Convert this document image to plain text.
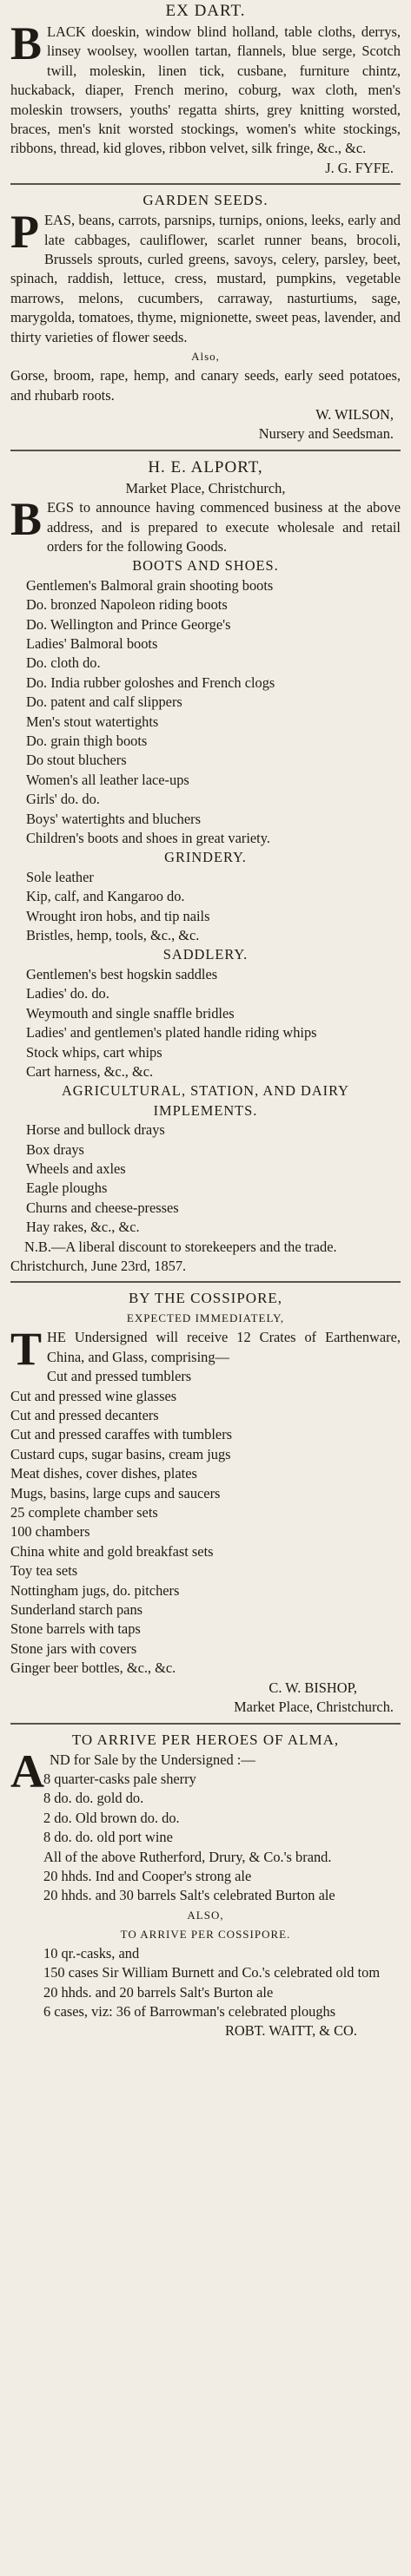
EX DART.

BLACK doeskin, window blind holland, table cloths, derrys, linsey woolsey, woollen tartan, flannels, blue serge, Scotch twill, moleskin, linen tick, cusbane, furniture chintz, huckaback, diaper, French merino, coburg, wax cloth, men's moleskin trowsers, youths' regatta shirts, grey knitting worsted, braces, men's knit worsted stockings, women's white stockings, ribbons, thread, kid gloves, ribbon velvet, silk fringe, &c., &c.

J. G. FYFE.

GARDEN SEEDS.

PEAS, beans, carrots, parsnips, turnips, onions, leeks, early and late cabbages, cauliflower, scarlet runner beans, brocoli, Brussels sprouts, curled greens, savoys, celery, parsley, beet, spinach, raddish, lettuce, cress, mustard, pumpkins, vegetable marrows, melons, cucumbers, carraway, nasturtiums, sage, marygolda, tomatoes, thyme, mignionette, sweet peas, lavender, and thirty varieties of flower seeds.

Also,

Gorse, broom, rape, hemp, and canary seeds, early seed potatoes, and rhubarb roots.

W. WILSON,

Nursery and Seedsman.

H. E. ALPORT,

Market Place, Christchurch,

BEGS to announce having commenced business at the above address, and is prepared to execute wholesale and retail orders for the following Goods.

BOOTS AND SHOES.

Gentlemen's Balmoral grain shooting boots

Do. bronzed Napoleon riding boots

Do. Wellington and Prince George's

Ladies' Balmoral boots

Do. cloth do.

Do. India rubber goloshes and French clogs

Do. patent and calf slippers

Men's stout watertights

Do. grain thigh boots

Do stout bluchers

Women's all leather lace-ups

Girls' do. do.

Boys' watertights and bluchers

Children's boots and shoes in great variety.

GRINDERY.

Sole leather

Kip, calf, and Kangaroo do.

Wrought iron hobs, and tip nails

Bristles, hemp, tools, &c., &c.

SADDLERY.

Gentlemen's best hogskin saddles

Ladies' do. do.

Weymouth and single snaffle bridles

Ladies' and gentlemen's plated handle riding whips

Stock whips, cart whips

Cart harness, &c., &c.

AGRICULTURAL, STATION, AND DAIRY IMPLEMENTS.

Horse and bullock drays

Box drays

Wheels and axles

Eagle ploughs

Churns and cheese-presses

Hay rakes, &c., &c.

N.B.—A liberal discount to storekeepers and the trade.

Christchurch, June 23rd, 1857.

BY THE COSSIPORE,

EXPECTED IMMEDIATELY,

THE Undersigned will receive 12 Crates of Earthenware, China, and Glass, comprising—

Cut and pressed tumblers

Cut and pressed wine glasses

Cut and pressed decanters

Cut and pressed caraffes with tumblers

Custard cups, sugar basins, cream jugs

Meat dishes, cover dishes, plates

Mugs, basins, large cups and saucers

25 complete chamber sets

100 chambers

China white and gold breakfast sets

Toy tea sets

Nottingham jugs, do. pitchers

Sunderland starch pans

Stone barrels with taps

Stone jars with covers

Ginger beer bottles, &c., &c.

C. W. BISHOP,

Market Place, Christchurch.

TO ARRIVE PER HEROES OF ALMA,

AND for Sale by the Undersigned :—

8 quarter-casks pale sherry

8 do. do. gold do.

2 do. Old brown do. do.

8 do. do. old port wine

All of the above Rutherford, Drury, & Co.'s brand.

20 hhds. Ind and Cooper's strong ale

20 hhds. and 30 barrels Salt's celebrated Burton ale

ALSO,

TO ARRIVE PER COSSIPORE.

10 qr.-casks, and

150 cases Sir William Burnett and Co.'s celebrated old tom

20 hhds. and 20 barrels Salt's Burton ale

6 cases, viz: 36 of Barrowman's celebrated ploughs

ROBT. WAITT, & CO.
